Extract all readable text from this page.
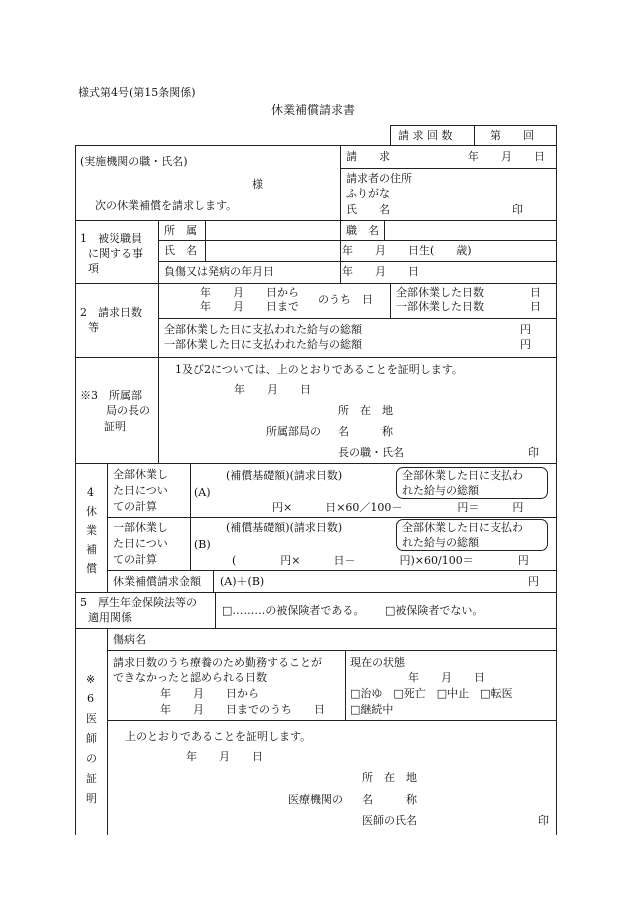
様式第4号(第15条関係)
休業補償請求書
請 求 回 数	第　　回
(実施機関の職・氏名)
様
次の休業補償を請求します。
請　　求	年　　月　　日
請求者の住所
ふりがな
氏　　名	印
1　被災職員
に関する事
項
所　属	職　名
氏　名	年　　月　　日生(　　歳)
負傷又は発病の年月日	年　　月　　日
2　請求日数
等
年　　月　　日から
年　　月　　日まで
のうち　日
全部休業した日数	日
一部休業した日数	日
全部休業した日に支払われた給与の総額	円
一部休業した日に支払われた給与の総額	円
※3　所属部
局の長の
証明
1及び2については、上のとおりであることを証明します。
年　　月　　日
所　在　地
所属部局の 名　　　称
長の職・氏名	印
4
休
業
補
償
全部休業し
た日につい
ての計算
(A)
(補償基礎額)(請求日数)	全部休業した日に支払わ
れた給与の総額
円×　　　日×60／100－　　　　　円＝　　　円
一部休業し
た日につい
ての計算
(B)
(補償基礎額)(請求日数)	全部休業した日に支払わ
れた給与の総額
(　　　　円×　　　日－　　　　円)×60/100＝　　　　円
休業補償請求金額 (A)＋(B)	円
5　厚生年金保険法等の
適用関係
□………の被保険者である。 □被保険者でない。
※
6
医
師
の
証
明
傷病名
請求日数のうち療養のため勤務することが
できなかったと認められる日数
年　　月　　日から
年　　月　　日までのうち　　日
現在の状態
年　　月　　日
□治ゆ　□死亡　□中止　□転医
□継続中
上のとおりであることを証明します。
年　　月　　日
所　在　地
医療機関の 名　　　称
医師の氏名	印
